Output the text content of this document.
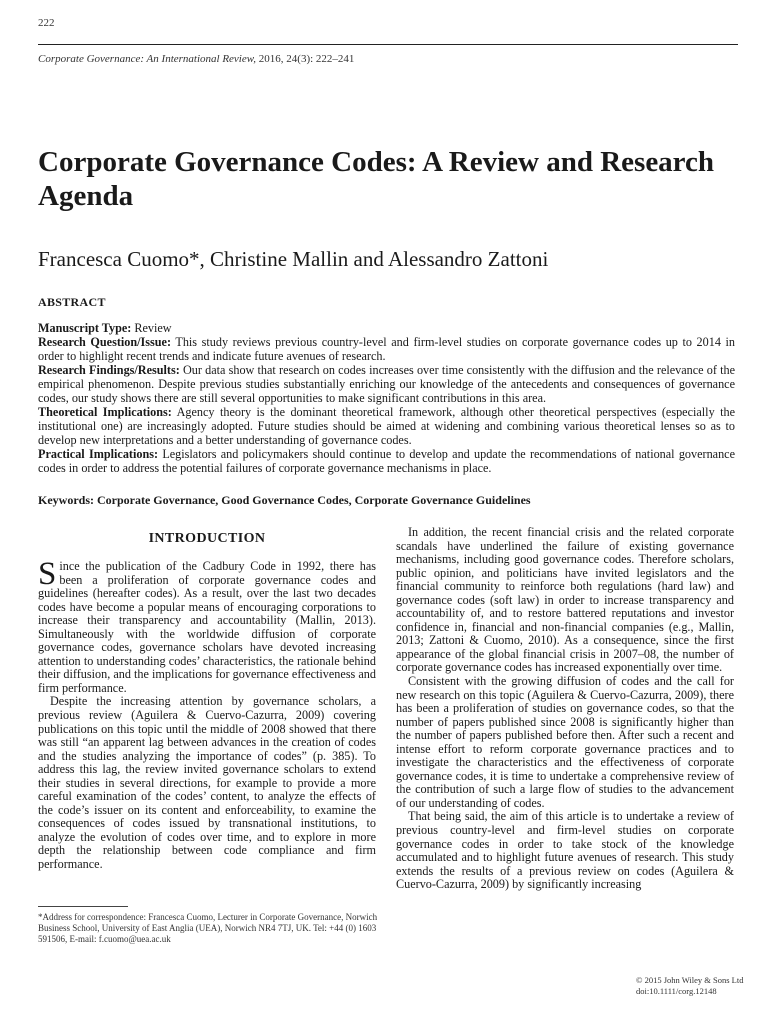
222
Corporate Governance: An International Review, 2016, 24(3): 222–241
Corporate Governance Codes: A Review and Research Agenda
Francesca Cuomo*, Christine Mallin and Alessandro Zattoni
ABSTRACT

Manuscript Type: Review

Research Question/Issue: This study reviews previous country-level and firm-level studies on corporate governance codes up to 2014 in order to highlight recent trends and indicate future avenues of research.

Research Findings/Results: Our data show that research on codes increases over time consistently with the diffusion and the relevance of the empirical phenomenon. Despite previous studies substantially enriching our knowledge of the antecedents and consequences of governance codes, our study shows there are still several opportunities to make significant contributions in this area.

Theoretical Implications: Agency theory is the dominant theoretical framework, although other theoretical perspectives (especially the institutional one) are increasingly adopted. Future studies should be aimed at widening and combining various theoretical lenses so as to develop new interpretations and a better understanding of governance codes.

Practical Implications: Legislators and policymakers should continue to develop and update the recommendations of national governance codes in order to address the potential failures of corporate governance mechanisms in place.

Keywords: Corporate Governance, Good Governance Codes, Corporate Governance Guidelines
INTRODUCTION

Since the publication of the Cadbury Code in 1992, there has been a proliferation of corporate governance codes and guidelines (hereafter codes). As a result, over the last two decades codes have become a popular means of encouraging corporations to increase their transparency and accountability (Mallin, 2013). Simultaneously with the worldwide diffusion of corporate governance codes, governance scholars have devoted increasing attention to understanding codes’ characteristics, the rationale behind their diffusion, and the implications for governance effectiveness and firm performance.

Despite the increasing attention by governance scholars, a previous review (Aguilera & Cuervo-Cazurra, 2009) covering publications on this topic until the middle of 2008 showed that there was still “an apparent lag between advances in the creation of codes and the studies analyzing the importance of codes” (p. 385). To address this lag, the review invited governance scholars to extend their studies in several directions, for example to provide a more careful examination of the codes’ content, to analyze the effects of the code’s issuer on its content and enforceability, to examine the consequences of codes issued by transnational institutions, to analyze the evolution of codes over time, and to explore in more depth the relationship between code compliance and firm performance.

In addition, the recent financial crisis and the related corporate scandals have underlined the failure of existing governance mechanisms, including good governance codes. Therefore scholars, public opinion, and politicians have invited legislators and the financial community to reinforce both regulations (hard law) and governance codes (soft law) in order to increase transparency and accountability of, and to restore battered reputations and investor confidence in, financial and non-financial companies (e.g., Mallin, 2013; Zattoni & Cuomo, 2010). As a consequence, since the first appearance of the global financial crisis in 2007–08, the number of corporate governance codes has increased exponentially over time.

Consistent with the growing diffusion of codes and the call for new research on this topic (Aguilera & Cuervo-Cazurra, 2009), there has been a proliferation of studies on governance codes, so that the number of papers published since 2008 is significantly higher than the number of papers published before then. After such a recent and intense effort to reform corporate governance practices and to investigate the characteristics and the effectiveness of corporate governance codes, it is time to undertake a comprehensive review of the contribution of such a large flow of studies to the advancement of our understanding of codes.

That being said, the aim of this article is to undertake a review of previous country-level and firm-level studies on corporate governance codes in order to take stock of the knowledge accumulated and to highlight future avenues of research. This study extends the results of a previous review on codes (Aguilera & Cuervo-Cazurra, 2009) by significantly increasing

*Address for correspondence: Francesca Cuomo, Lecturer in Corporate Governance, Norwich Business School, University of East Anglia (UEA), Norwich NR4 7TJ, UK. Tel: +44 (0) 1603 591506, E-mail: f.cuomo@uea.ac.uk
© 2015 John Wiley & Sons Ltd
doi:10.1111/corg.12148
